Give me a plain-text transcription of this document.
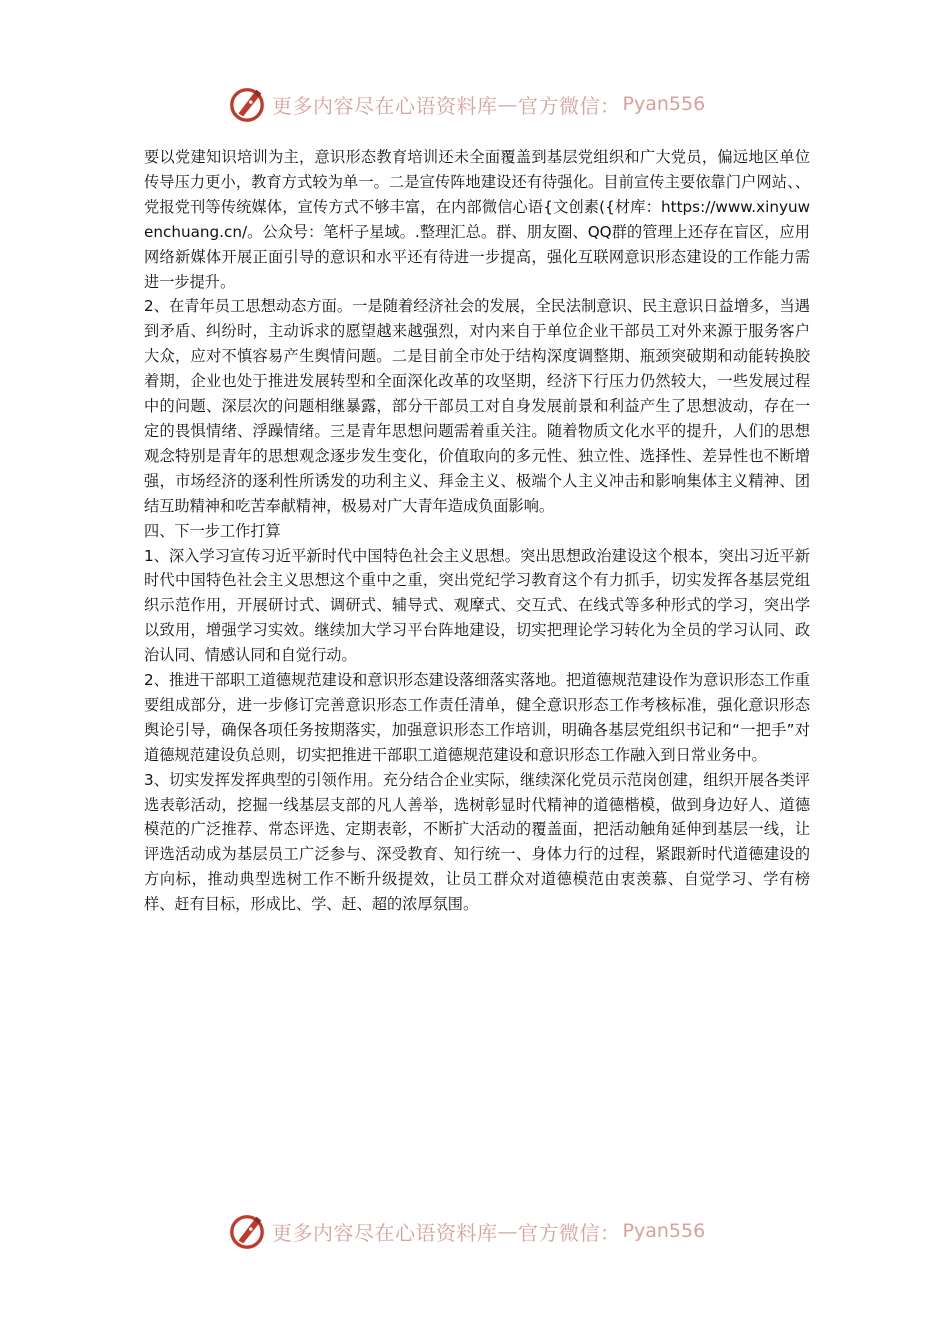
更多内容尽在心语资料库 — 官方微信： Pyan556

要以党建知识培训为主，意识形态教育培训还未全面覆盖到基层党组织和广大党员，偏远地区单位传导压力更小，教育方式较为单一。二是宣传阵地建设还有待强化。目前宣传主要依靠门户网站、、党报党刊等传统媒体，宣传方式不够丰富，在内部微信心语{文创素({材库：https://www.xinyuwenchuang.cn/。公众号：笔杆子星域。.整理汇总。群、朋友圈、QQ群的管理上还存在盲区，应用网络新媒体开展正面引导的意识和水平还有待进一步提高，强化互联网意识形态建设的工作能力需进一步提升。

2、在青年员工思想动态方面。一是随着经济社会的发展，全民法制意识、民主意识日益增多，当遇到矛盾、纠纷时，主动诉求的愿望越来越强烈，对内来自于单位企业干部员工对外来源于服务客户大众，应对不慎容易产生舆情问题。二是目前全市处于结构深度调整期、瓶颈突破期和动能转换胶着期，企业也处于推进发展转型和全面深化改革的攻坚期，经济下行压力仍然较大，一些发展过程中的问题、深层次的问题相继暴露，部分干部员工对自身发展前景和利益产生了思想波动，存在一定的畏惧情绪、浮躁情绪。三是青年思想问题需着重关注。随着物质文化水平的提升，人们的思想观念特别是青年的思想观念逐步发生变化，价值取向的多元性、独立性、选择性、差异性也不断增强，市场经济的逐利性所诱发的功利主义、拜金主义、极端个人主义冲击和影响集体主义精神、团结互助精神和吃苦奉献精神，极易对广大青年造成负面影响。

四、下一步工作打算

1、深入学习宣传习近平新时代中国特色社会主义思想。突出思想政治建设这个根本，突出习近平新时代中国特色社会主义思想这个重中之重，突出党纪学习教育这个有力抓手，切实发挥各基层党组织示范作用，开展研讨式、调研式、辅导式、观摩式、交互式、在线式等多种形式的学习，突出学以致用，增强学习实效。继续加大学习平台阵地建设，切实把理论学习转化为全员的学习认同、政治认同、情感认同和自觉行动。

2、推进干部职工道德规范建设和意识形态建设落细落实落地。把道德规范建设作为意识形态工作重要组成部分，进一步修订完善意识形态工作责任清单，健全意识形态工作考核标准，强化意识形态舆论引导，确保各项任务按期落实，加强意识形态工作培训，明确各基层党组织书记和“一把手”对道德规范建设负总则，切实把推进干部职工道德规范建设和意识形态工作融入到日常业务中。

3、切实发挥发挥典型的引领作用。充分结合企业实际，继续深化党员示范岗创建，组织开展各类评选表彰活动，挖掘一线基层支部的凡人善举，选树彰显时代精神的道德楷模，做到身边好人、道德模范的广泛推荐、常态评选、定期表彰，不断扩大活动的覆盖面，把活动触角延伸到基层一线，让评选活动成为基层员工广泛参与、深受教育、知行统一、身体力行的过程，紧跟新时代道德建设的方向标，推动典型选树工作不断升级提效，让员工群众对道德模范由衷羡慕、自觉学习、学有榜样、赶有目标，形成比、学、赶、超的浓厚氛围。

更多内容尽在心语资料库 — 官方微信： Pyan556
